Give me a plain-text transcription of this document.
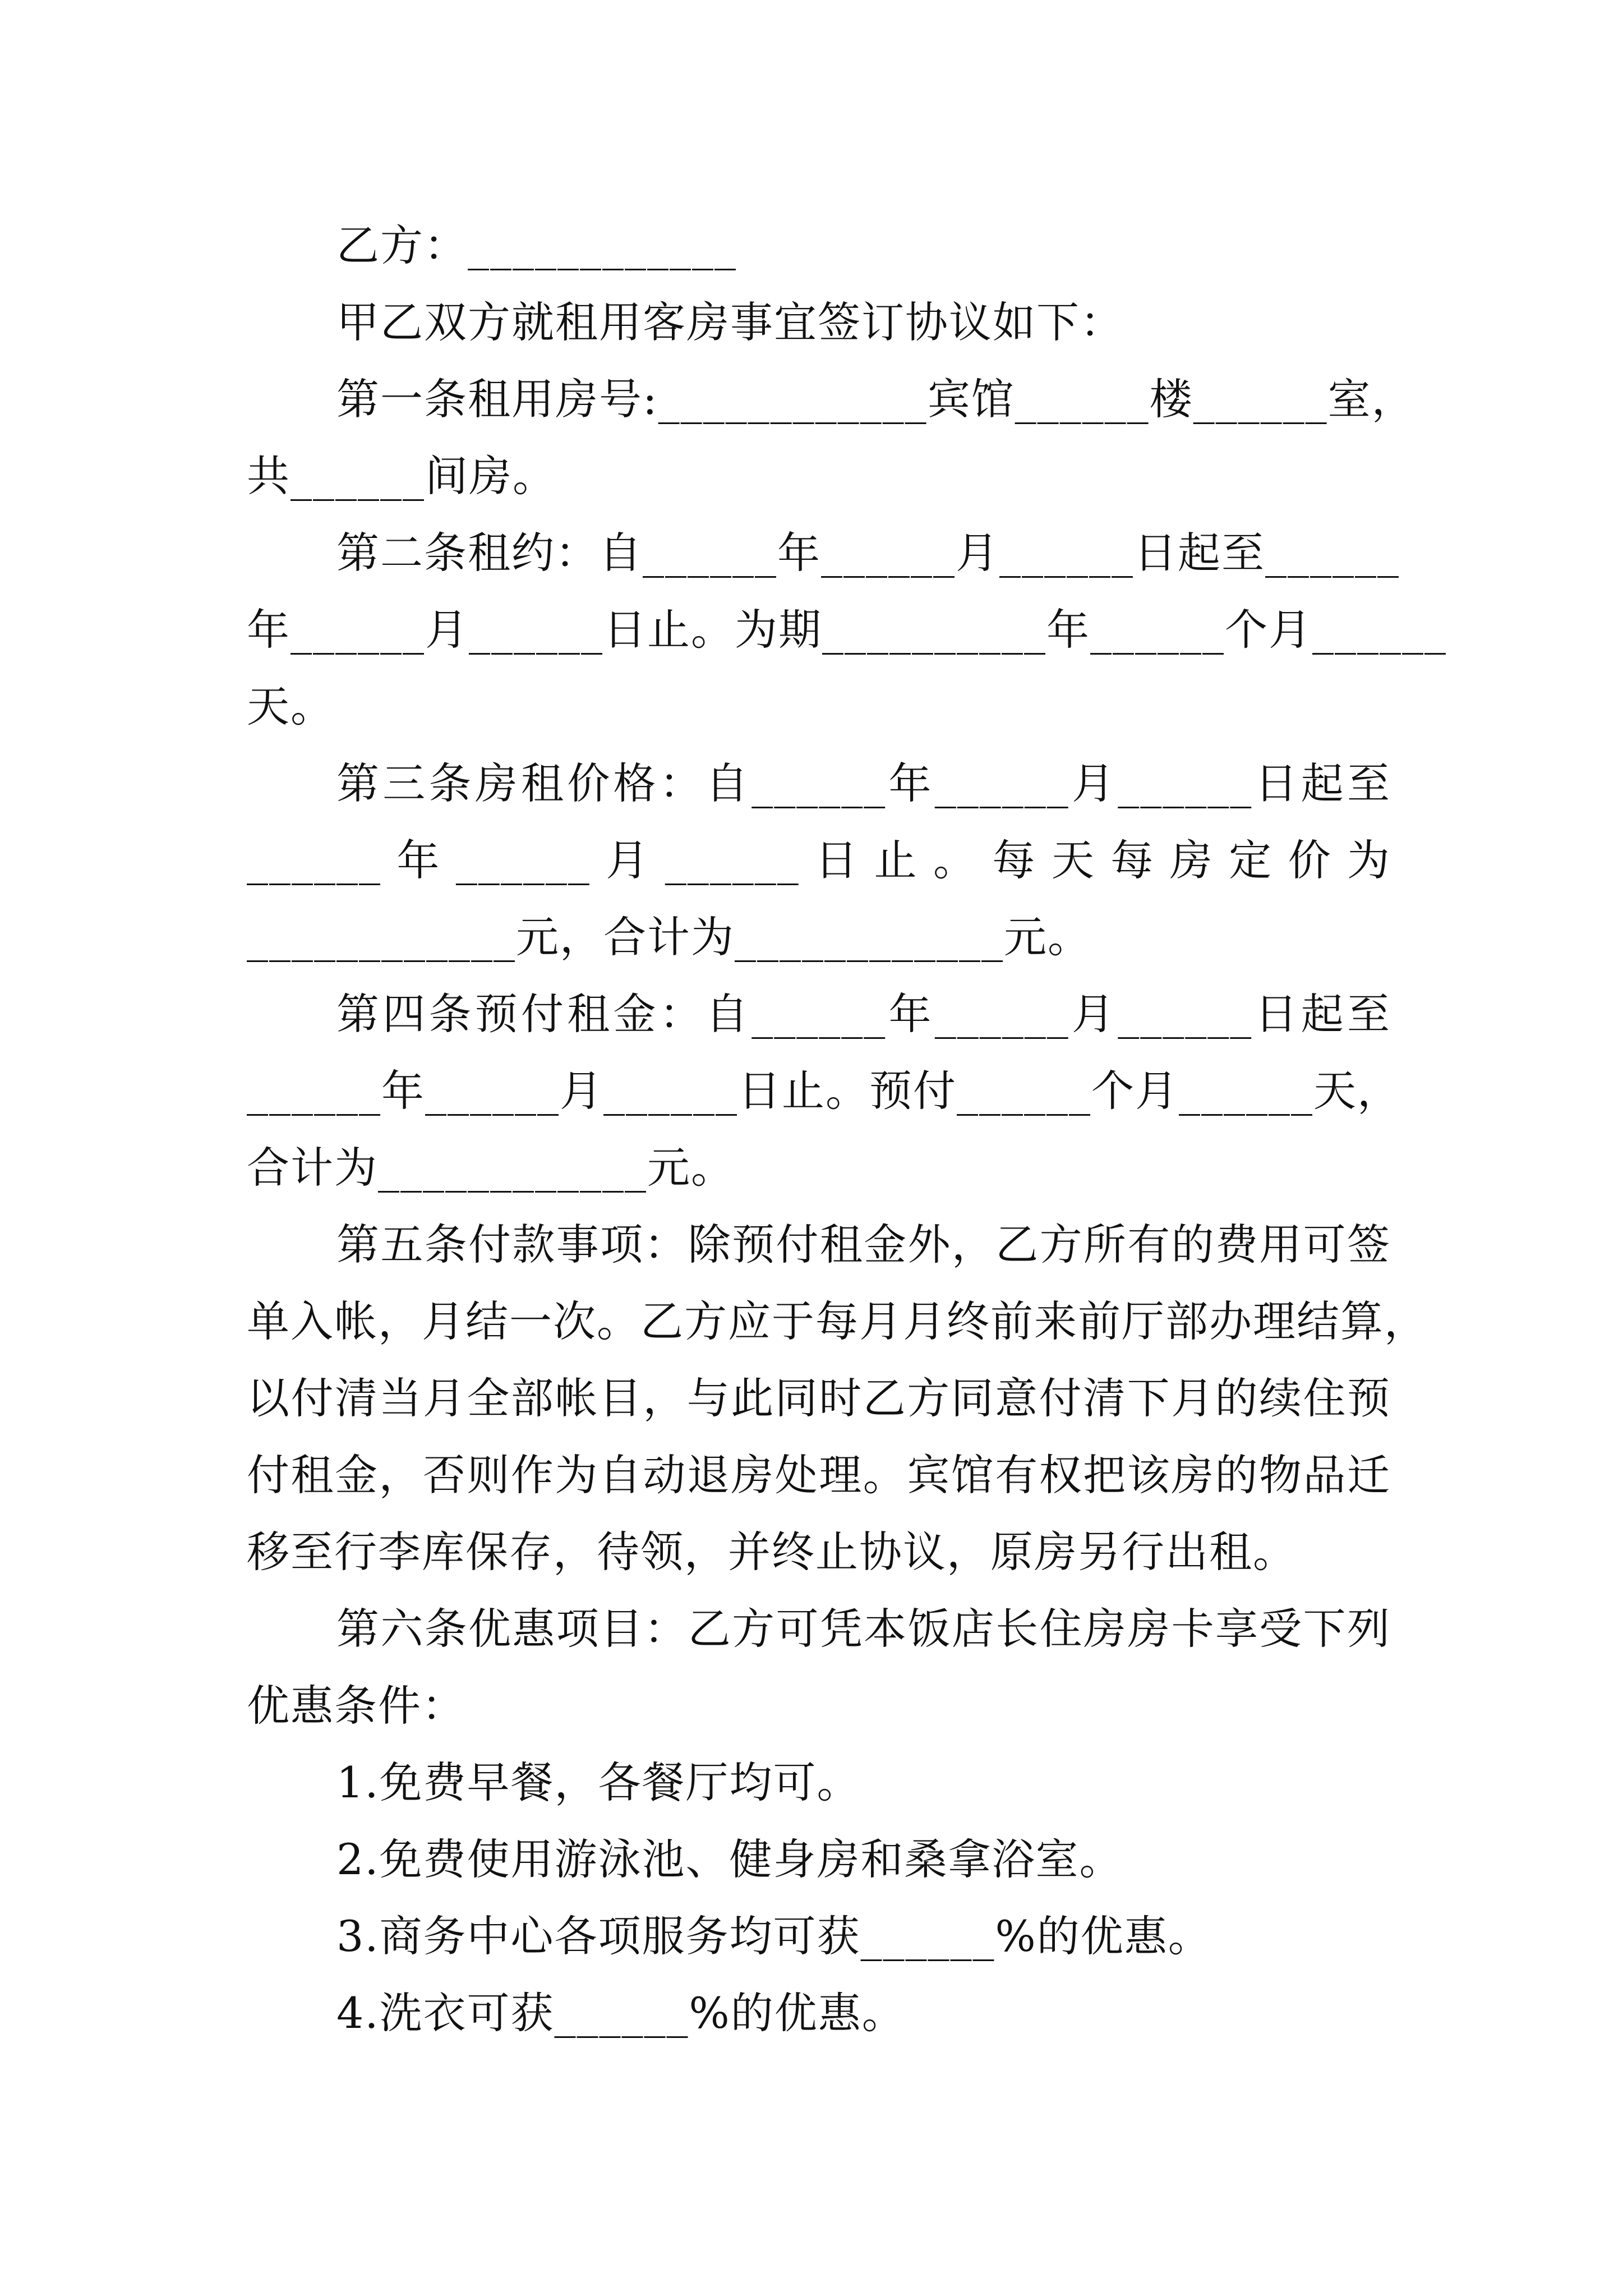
乙方：____________
甲乙双方就租用客房事宜签订协议如下：
第一条租用房号:____________宾馆______楼______室，
共______间房。
第二条租约：自______年______月______日起至______
年______月______日止。为期__________年______个月______
天。
第三条房租价格：自______年______月______日起至
______年______月______日止。每天每房定价为
____________元，合计为____________元。
第四条预付租金：自______年______月______日起至
______年______月______日止。预付______个月______天，
合计为____________元。
第五条付款事项：除预付租金外，乙方所有的费用可签
单入帐，月结一次。乙方应于每月月终前来前厅部办理结算，
以付清当月全部帐目，与此同时乙方同意付清下月的续住预
付租金，否则作为自动退房处理。宾馆有权把该房的物品迁
移至行李库保存，待领，并终止协议，原房另行出租。
第六条优惠项目：乙方可凭本饭店长住房房卡享受下列
优惠条件：
1.免费早餐，各餐厅均可。
2.免费使用游泳池、健身房和桑拿浴室。
3.商务中心各项服务均可获______%的优惠。
4.洗衣可获______%的优惠。
